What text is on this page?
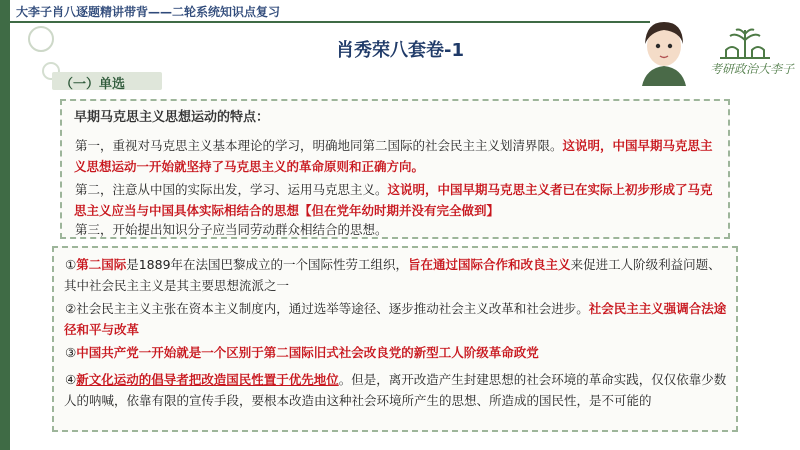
大李子肖八逐题精讲带背——二轮系统知识点复习
肖秀荣八套卷-1
（一）单选
考研政治大李子
早期马克思主义思想运动的特点：
第一，重视对马克思主义基本理论的学习，明确地同第二国际的社会民主主义划清界限。这说明，中国早期马克思主义思想运动一开始就坚持了马克思主义的革命原则和正确方向。
第二，注意从中国的实际出发，学习、运用马克思主义。这说明，中国早期马克思主义者已在实际上初步形成了马克思主义应当与中国具体实际相结合的思想【但在党年幼时期并没有完全做到】
第三，开始提出知识分子应当同劳动群众相结合的思想。
①第二国际是1889年在法国巴黎成立的一个国际性劳工组织，旨在通过国际合作和改良主义来促进工人阶级利益问题、其中社会民主主义是其主要思想流派之一
②社会民主主义主张在资本主义制度内，通过选举等途径、逐步推动社会主义改革和社会进步。社会民主主义强调合法途径和平与改革
③中国共产党一开始就是一个区别于第二国际旧式社会改良党的新型工人阶级革命政党
④新文化运动的倡导者把改造国民性置于优先地位。但是，离开改造产生封建思想的社会环境的革命实践，仅仅依靠少数人的呐喊，依靠有限的宣传手段，要根本改造由这种社会环境所产生的思想、所造成的国民性，是不可能的
